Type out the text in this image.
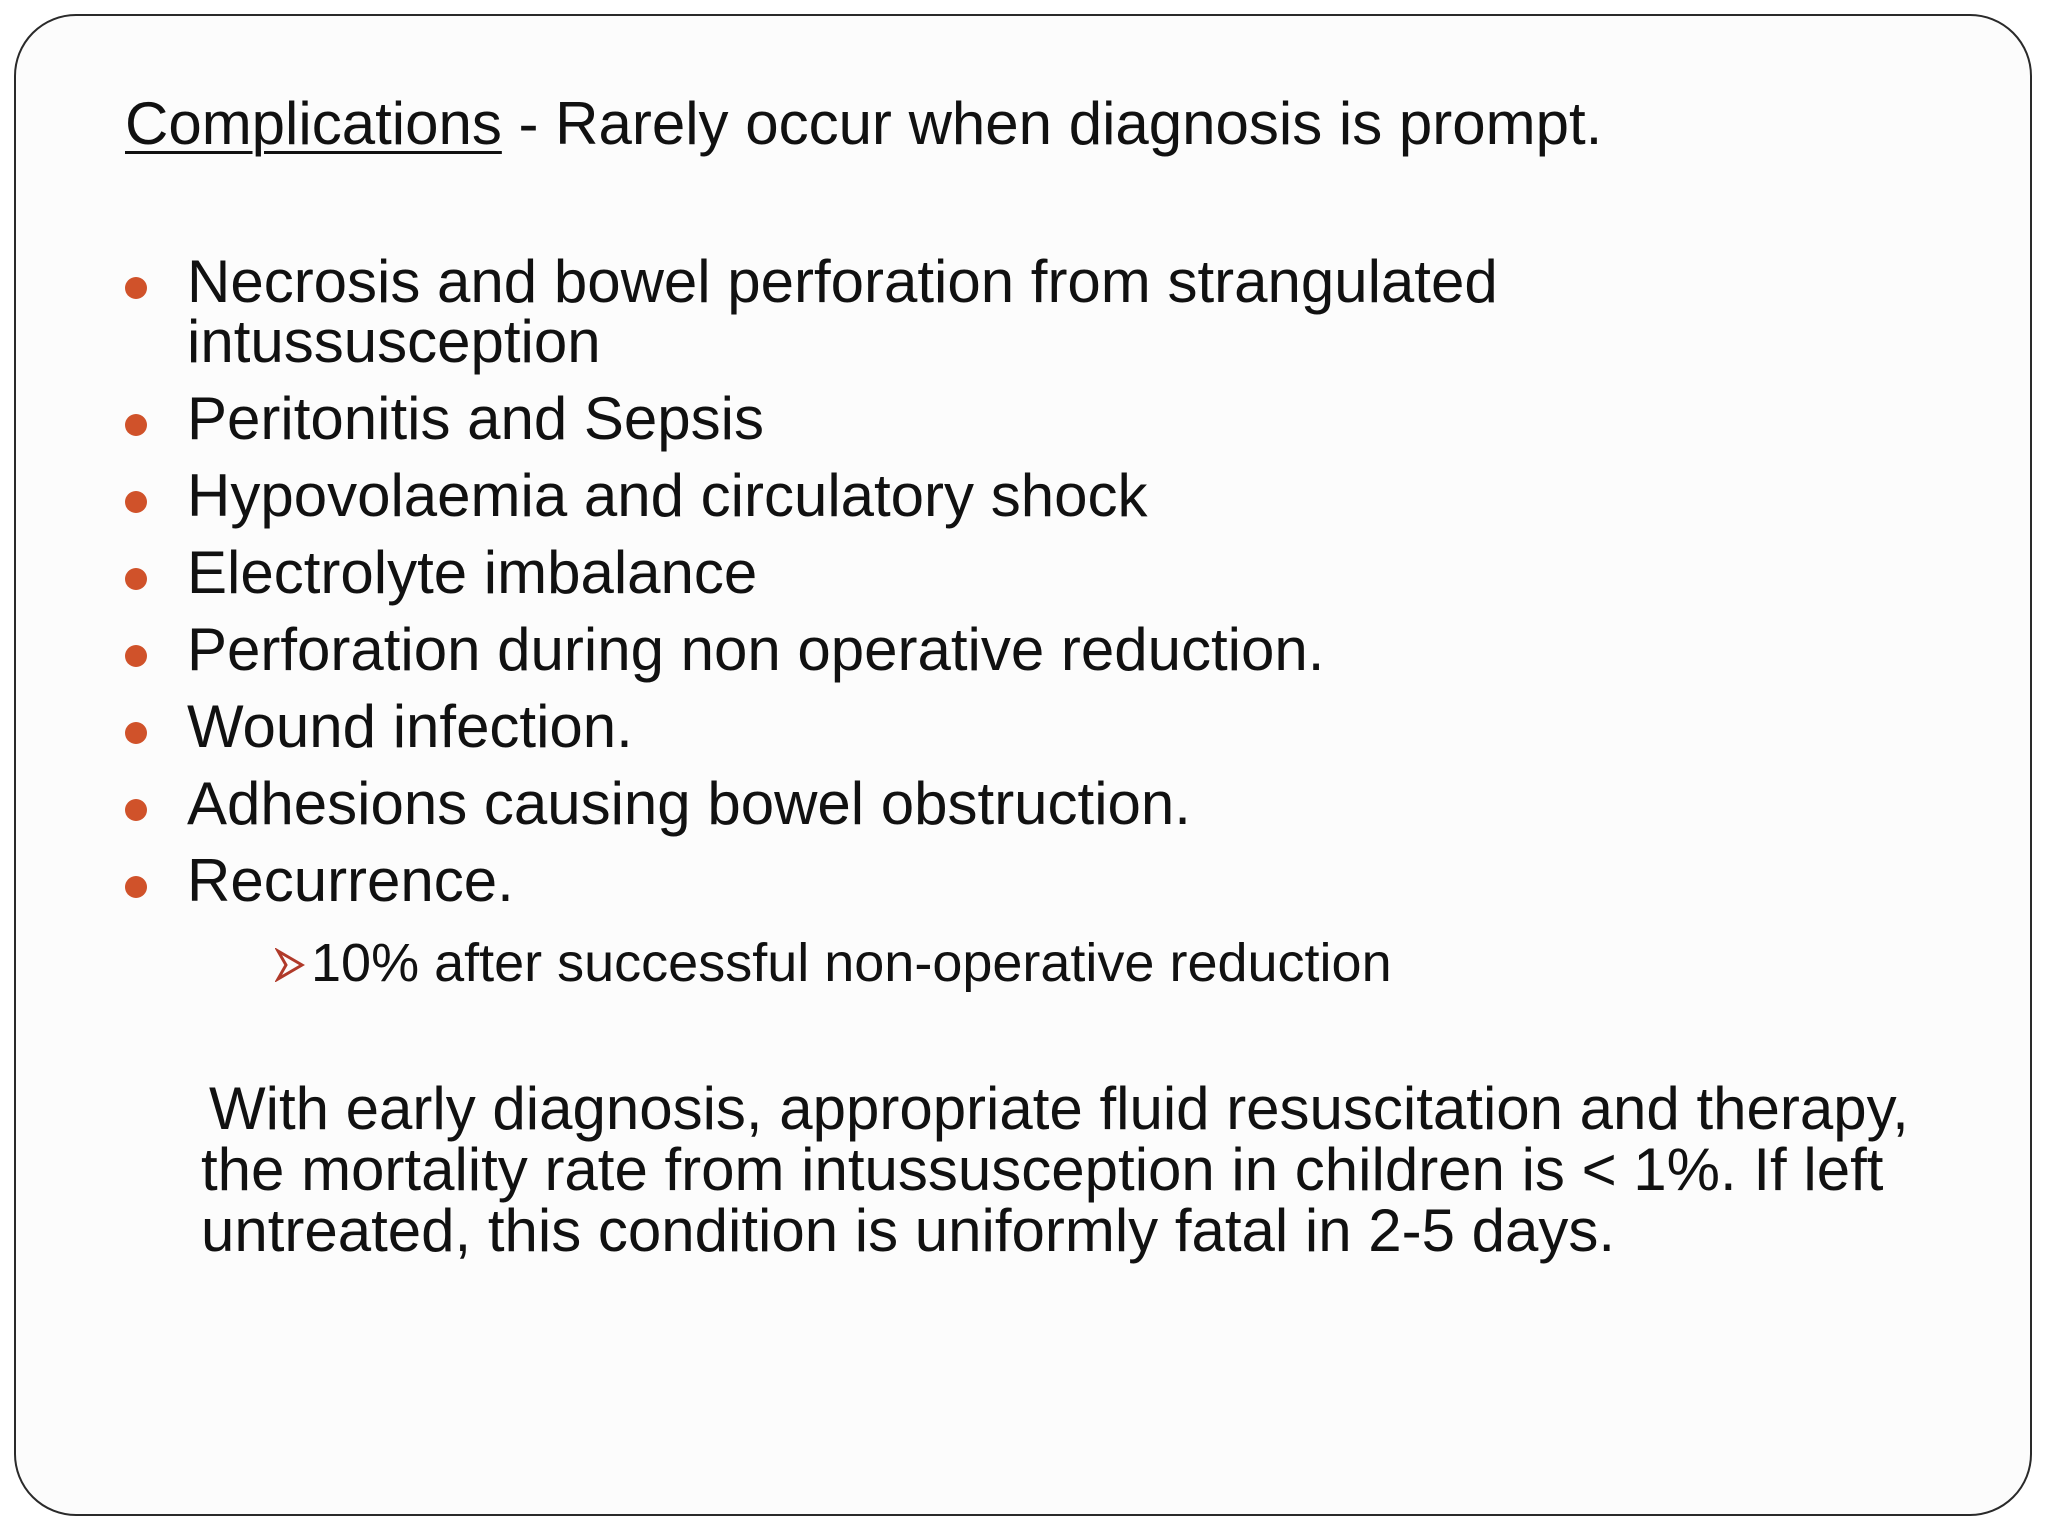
Complications - Rarely occur when diagnosis is prompt.
Necrosis and bowel perforation from strangulated intussusception
Peritonitis and Sepsis
Hypovolaemia and circulatory shock
Electrolyte imbalance
Perforation during non operative reduction.
Wound infection.
Adhesions causing bowel obstruction.
Recurrence.
10% after successful non-operative reduction

With early diagnosis, appropriate fluid resuscitation and therapy, the mortality rate from intussusception in children is < 1%. If left untreated, this condition is uniformly fatal in 2-5 days.
